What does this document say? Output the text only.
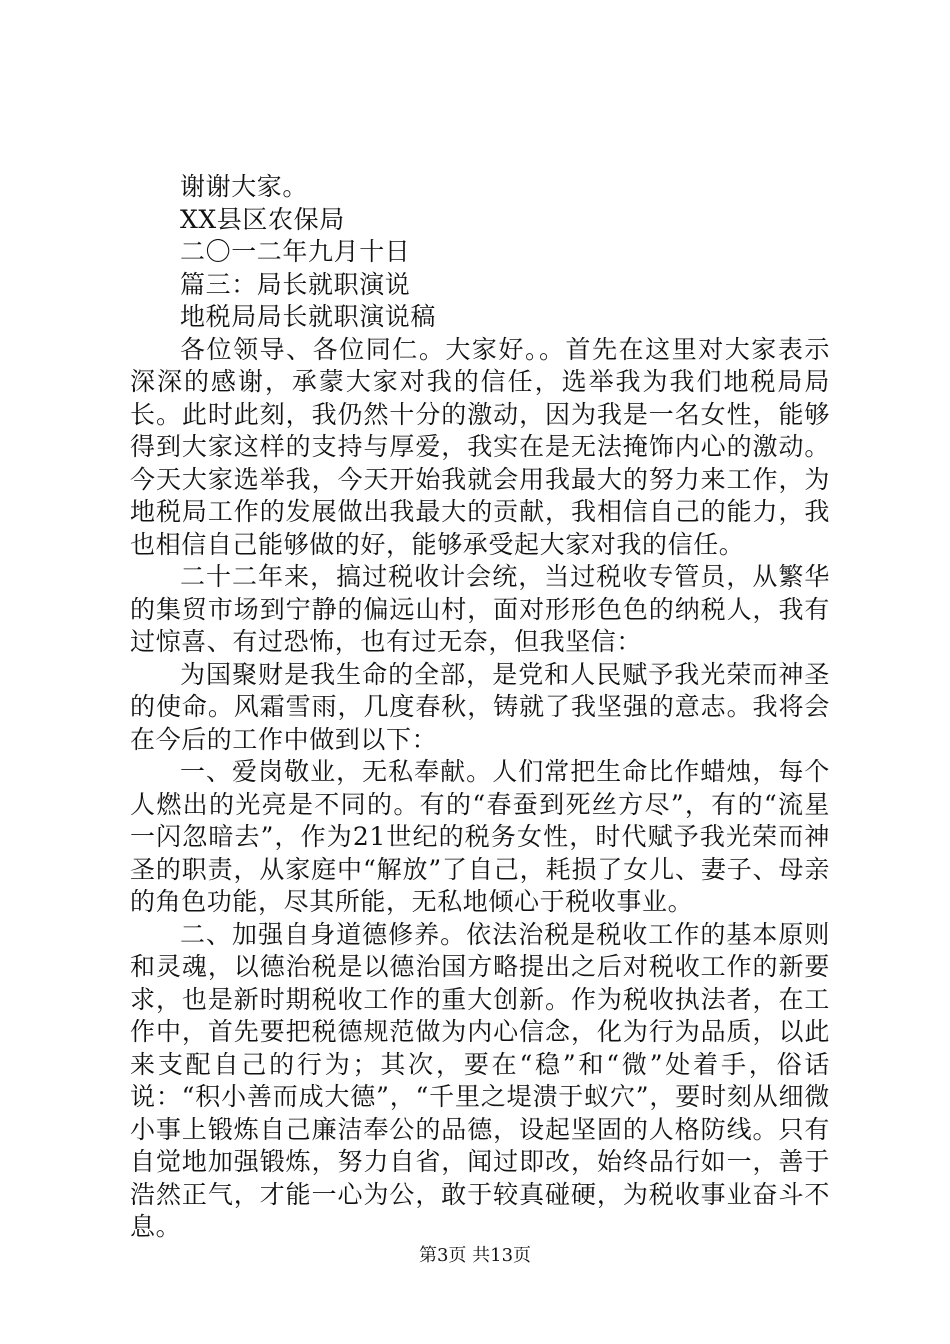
谢谢大家。

XX县区农保局

二〇一二年九月十日

篇三：局长就职演说

地税局局长就职演说稿

各位领导、各位同仁。大家好。。首先在这里对大家表示深深的感谢，承蒙大家对我的信任，选举我为我们地税局局长。此时此刻，我仍然十分的激动，因为我是一名女性，能够得到大家这样的支持与厚爱，我实在是无法掩饰内心的激动。今天大家选举我，今天开始我就会用我最大的努力来工作，为地税局工作的发展做出我最大的贡献，我相信自己的能力，我也相信自己能够做的好，能够承受起大家对我的信任。

二十二年来，搞过税收计会统，当过税收专管员，从繁华的集贸市场到宁静的偏远山村，面对形形色色的纳税人，我有过惊喜、有过恐怖，也有过无奈，但我坚信：

为国聚财是我生命的全部，是党和人民赋予我光荣而神圣的使命。风霜雪雨，几度春秋，铸就了我坚强的意志。我将会在今后的工作中做到以下：

一、爱岗敬业，无私奉献。人们常把生命比作蜡烛，每个人燃出的光亮是不同的。有的“春蚕到死丝方尽”，有的“流星一闪忽暗去”，作为21世纪的税务女性，时代赋予我光荣而神圣的职责，从家庭中“解放”了自己，耗损了女儿、妻子、母亲的角色功能，尽其所能，无私地倾心于税收事业。

二、加强自身道德修养。依法治税是税收工作的基本原则和灵魂，以德治税是以德治国方略提出之后对税收工作的新要求，也是新时期税收工作的重大创新。作为税收执法者，在工作中，首先要把税德规范做为内心信念，化为行为品质，以此来支配自己的行为；其次，要在“稳”和“微”处着手，俗话说：“积小善而成大德”，“千里之堤溃于蚁穴”，要时刻从细微小事上锻炼自己廉洁奉公的品德，设起坚固的人格防线。只有自觉地加强锻炼，努力自省，闻过即改，始终品行如一，善于浩然正气，才能一心为公，敢于较真碰硬，为税收事业奋斗不息。

第3页 共13页
